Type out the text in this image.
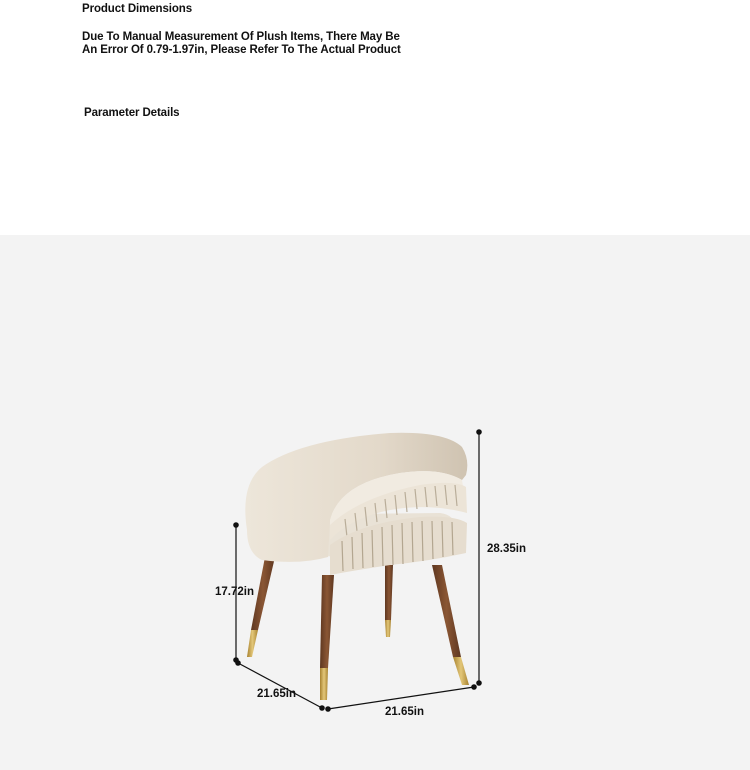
Product Dimensions
Due To Manual Measurement Of Plush Items, There May Be
An Error Of 0.79-1.97in, Please Refer To The Actual Product
Parameter Details
28.35in
17.72in
21.65in
21.65in
